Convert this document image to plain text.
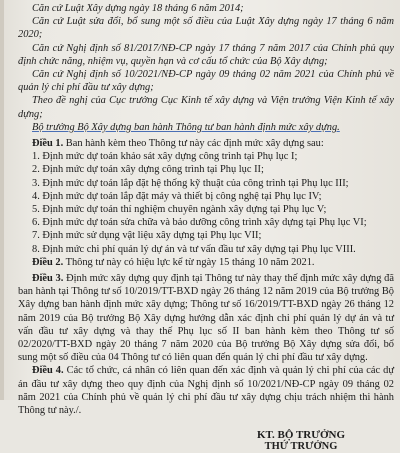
Căn cứ Luật Xây dựng ngày 18 tháng 6 năm 2014;

Căn cứ Luật sửa đổi, bổ sung một số điều của Luật Xây dựng ngày 17 tháng 6 năm 2020;

Căn cứ Nghị định số 81/2017/NĐ-CP ngày 17 tháng 7 năm 2017 của Chính phủ quy định chức năng, nhiệm vụ, quyền hạn và cơ cấu tổ chức của Bộ Xây dựng;

Căn cứ Nghị định số 10/2021/NĐ-CP ngày 09 tháng 02 năm 2021 của Chính phủ về quản lý chi phí đầu tư xây dựng;

Theo đề nghị của Cục trưởng Cục Kinh tế xây dựng và Viện trưởng Viện Kinh tế xây dựng;

Bộ trưởng Bộ Xây dựng ban hành Thông tư ban hành định mức xây dựng.

Điều 1. Ban hành kèm theo Thông tư này các định mức xây dựng sau:

1. Định mức dự toán khảo sát xây dựng công trình tại Phụ lục I;

2. Định mức dự toán xây dựng công trình tại Phụ lục II;

3. Định mức dự toán lắp đặt hệ thống kỹ thuật của công trình tại Phụ lục III;

4. Định mức dự toán lắp đặt máy và thiết bị công nghệ tại Phụ lục IV;

5. Định mức dự toán thí nghiệm chuyên ngành xây dựng tại Phụ lục V;

6. Định mức dự toán sửa chữa và bảo dưỡng công trình xây dựng tại Phụ lục VI;

7. Định mức sử dụng vật liệu xây dựng tại Phụ lục VII;

8. Định mức chi phí quản lý dự án và tư vấn đầu tư xây dựng tại Phụ lục VIII.

Điều 2. Thông tư này có hiệu lực kể từ ngày 15 tháng 10 năm 2021.

Điều 3. Định mức xây dựng quy định tại Thông tư này thay thế định mức xây dựng đã ban hành tại Thông tư số 10/2019/TT-BXD ngày 26 tháng 12 năm 2019 của Bộ trưởng Bộ Xây dựng ban hành định mức xây dựng; Thông tư số 16/2019/TT-BXD ngày 26 tháng 12 năm 2019 của Bộ trưởng Bộ Xây dựng hướng dẫn xác định chi phí quản lý dự án và tư vấn đầu tư xây dựng và thay thế Phụ lục số II ban hành kèm theo Thông tư số 02/2020/TT-BXD ngày 20 tháng 7 năm 2020 của Bộ trưởng Bộ Xây dựng sửa đổi, bổ sung một số điều của 04 Thông tư có liên quan đến quản lý chi phí đầu tư xây dựng.

Điều 4. Các tổ chức, cá nhân có liên quan đến xác định và quản lý chi phí của các dự án đầu tư xây dựng theo quy định của Nghị định số 10/2021/NĐ-CP ngày 09 tháng 02 năm 2021 của Chính phủ về quản lý chi phí đầu tư xây dựng chịu trách nhiệm thi hành Thông tư này./.

KT. BỘ TRƯỞNG
THỨ TRƯỞNG
